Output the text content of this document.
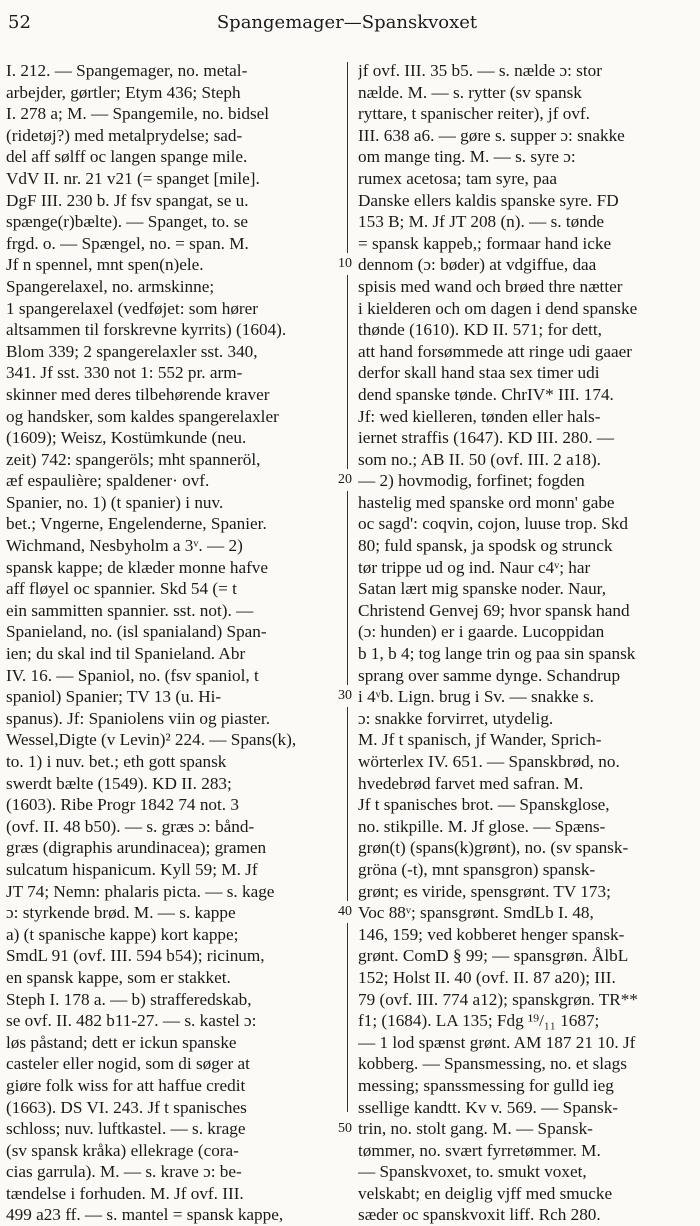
52	Spangemager—Spanskvoxet
I. 212. — Spangemager, no. metal-
arbejder, gørtler; Etym 436; Steph
I. 278 a; M. — Spangemile, no. bidsel
(ridetøj?) med metalprydelse; sad-
del aff sølff oc langen spange mile.
VdV II. nr. 21 v21 (= spanget [mile].
DgF III. 230 b. Jf fsv spangat, se u.
spænge(r)bælte). — Spanget, to. se
frgd. o. — Spængel, no. = span. M.
Jf n spennel, mnt spen(n)ele.
Spangerelaxel, no. armskinne;
1 spangerelaxel (vedføjet: som hører
altsammen til forskrevne kyrrits) (1604).
Blom 339; 2 spangerelaxler sst. 340,
341. Jf sst. 330 not 1: 552 pr. arm-
skinner med deres tilbehørende kraver
og handsker, som kaldes spangerelaxler
(1609); Weisz, Kostümkunde (neu.
zeit) 742: spangeröls; mht spanneröl,
æf espaulière; spaldener· ovf.
Spanier, no. 1) (t spanier) i nuv.
bet.; Vngerne, Engelenderne, Spanier.
Wichmand, Nesbyholm a 3ᵛ. — 2)
spansk kappe; de klæder monne hafve
aff fløyel oc spannier. Skd 54 (= t
ein sammitten spannier. sst. not). —
Spanieland, no. (isl spanialand) Span-
ien; du skal ind til Spanieland. Abr
IV. 16. — Spaniol, no. (fsv spaniol, t
spaniol) Spanier; TV 13 (u. Hi-
spanus). Jf: Spaniolens viin og piaster.
Wessel,Digte (v Levin)² 224. — Spans(k),
to. 1) i nuv. bet.; eth gott spansk
swerdt bælte (1549). KD II. 283;
(1603). Ribe Progr 1842 74 not. 3
(ovf. II. 48 b50). — s. græs ɔ: bånd-
græs (digraphis arundinacea); gramen
sulcatum hispanicum. Kyll 59; M. Jf
JT 74; Nemn: phalaris picta. — s. kage
ɔ: styrkende brød. M. — s. kappe
a) (t spanische kappe) kort kappe;
SmdL 91 (ovf. III. 594 b54); ricinum,
en spansk kappe, som er stakket.
Steph I. 178 a. — b) strafferedskab,
se ovf. II. 482 b11-27. — s. kastel ɔ:
løs påstand; dett er ickun spanske
casteler eller nogid, som di søger at
giøre folk wiss for att haffue credit
(1663). DS VI. 243. Jf t spanisches
schloss; nuv. luftkastel. — s. krage
(sv spansk kråka) ellekrage (cora-
cias garrula). M. — s. krave ɔ: be-
tændelse i forhuden. M. Jf ovf. III.
499 a23 ff. — s. mantel = spansk kappe,
jf ovf. III. 35 b5. — s. nælde ɔ: stor
nælde. M. — s. rytter (sv spansk
ryttare, t spanischer reiter), jf ovf.
III. 638 a6. — gøre s. supper ɔ: snakke
om mange ting. M. — s. syre ɔ:
rumex acetosa; tam syre, paa
Danske ellers kaldis spanske syre. FD
153 B; M. Jf JT 208 (n). — s. tønde
= spansk kappeb,; formaar hand icke
dennom (ɔ: bøder) at vdgiffue, daa
spisis med wand och brøed thre nætter
i kielderen och om dagen i dend spanske
thønde (1610). KD II. 571; for dett,
att hand forsømmede att ringe udi gaaer
derfor skall hand staa sex timer udi
dend spanske tønde. ChrIV* III. 174.
Jf: wed kielleren, tønden eller hals-
iernet straffis (1647). KD III. 280. —
som no.; AB II. 50 (ovf. III. 2 a18).
— 2) hovmodig, forfinet; fogden
hastelig med spanske ord monn' gabe
oc sagd': coqvin, cojon, luuse trop. Skd
80; fuld spansk, ja spodsk og strunck
tør trippe ud og ind. Naur c4ᵛ; har
Satan lært mig spanske noder. Naur,
Christend Genvej 69; hvor spansk hand
(ɔ: hunden) er i gaarde. Lucoppidan
b 1, b 4; tog lange trin og paa sin spansk
sprang over samme dynge. Schandrup
i 4ᵛb. Lign. brug i Sv. — snakke s.
ɔ: snakke forvirret, utydelig.
M. Jf t spanisch, jf Wander, Sprich-
wörterlex IV. 651. — Spanskbrød, no.
hvedebrød farvet med safran. M.
Jf t spanisches brot. — Spanskglose,
no. stikpille. M. Jf glose. — Spæns-
grøn(t) (spans(k)grønt), no. (sv spansk-
gröna (-t), mnt spansgron) spansk-
grønt; es viride, spensgrønt. TV 173;
Voc 88ᵛ; spansgrønt. SmdLb I. 48,
146, 159; ved kobberet henger spansk-
grønt. ComD § 99; — spansgrøn. ÅlbL
152; Holst II. 40 (ovf. II. 87 a20); III.
79 (ovf. III. 774 a12); spanskgrøn. TR**
f1; (1684). LA 135; Fdg ¹⁹/₁₁ 1687;
— 1 lod spænst grønt. AM 187 21 10. Jf
kobberg. — Spansmessing, no. et slags
messing; spanssmessing for gulld ieg
ssellige kandtt. Kv v. 569. — Spansk-
trin, no. stolt gang. M. — Spansk-
tømmer, no. svært fyrretømmer. M.
— Spanskvoxet, to. smukt voxet,
velskabt; en deiglig vjff med smucke
sæder oc spanskvoxit liff. Rch 280.
10
20
30
40
50
